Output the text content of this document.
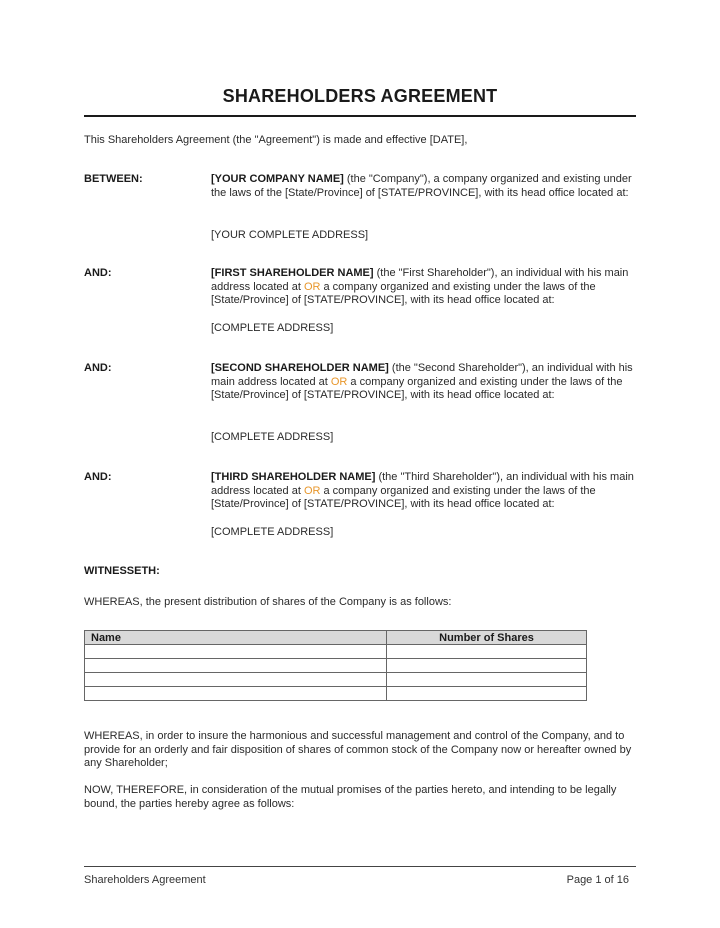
SHAREHOLDERS AGREEMENT
This Shareholders Agreement (the "Agreement") is made and effective [DATE],
BETWEEN:	[YOUR COMPANY NAME] (the "Company"), a company organized and existing under the laws of the [State/Province] of [STATE/PROVINCE], with its head office located at:
[YOUR COMPLETE ADDRESS]
AND:	[FIRST SHAREHOLDER NAME] (the "First Shareholder"), an individual with his main address located at OR a company organized and existing under the laws of the [State/Province] of [STATE/PROVINCE], with its head office located at:
[COMPLETE ADDRESS]
AND:	[SECOND SHAREHOLDER NAME] (the "Second Shareholder"), an individual with his main address located at OR a company organized and existing under the laws of the [State/Province] of [STATE/PROVINCE], with its head office located at:
[COMPLETE ADDRESS]
AND:	[THIRD SHAREHOLDER NAME] (the "Third Shareholder"), an individual with his main address located at OR a company organized and existing under the laws of the [State/Province] of [STATE/PROVINCE], with its head office located at:
[COMPLETE ADDRESS]
WITNESSETH:
WHEREAS, the present distribution of shares of the Company is as follows:
Name	Number of Shares

WHEREAS, in order to insure the harmonious and successful management and control of the Company, and to provide for an orderly and fair disposition of shares of common stock of the Company now or hereafter owned by any Shareholder;
NOW, THEREFORE, in consideration of the mutual promises of the parties hereto, and intending to be legally bound, the parties hereby agree as follows:
Shareholders Agreement	Page 1 of 16
